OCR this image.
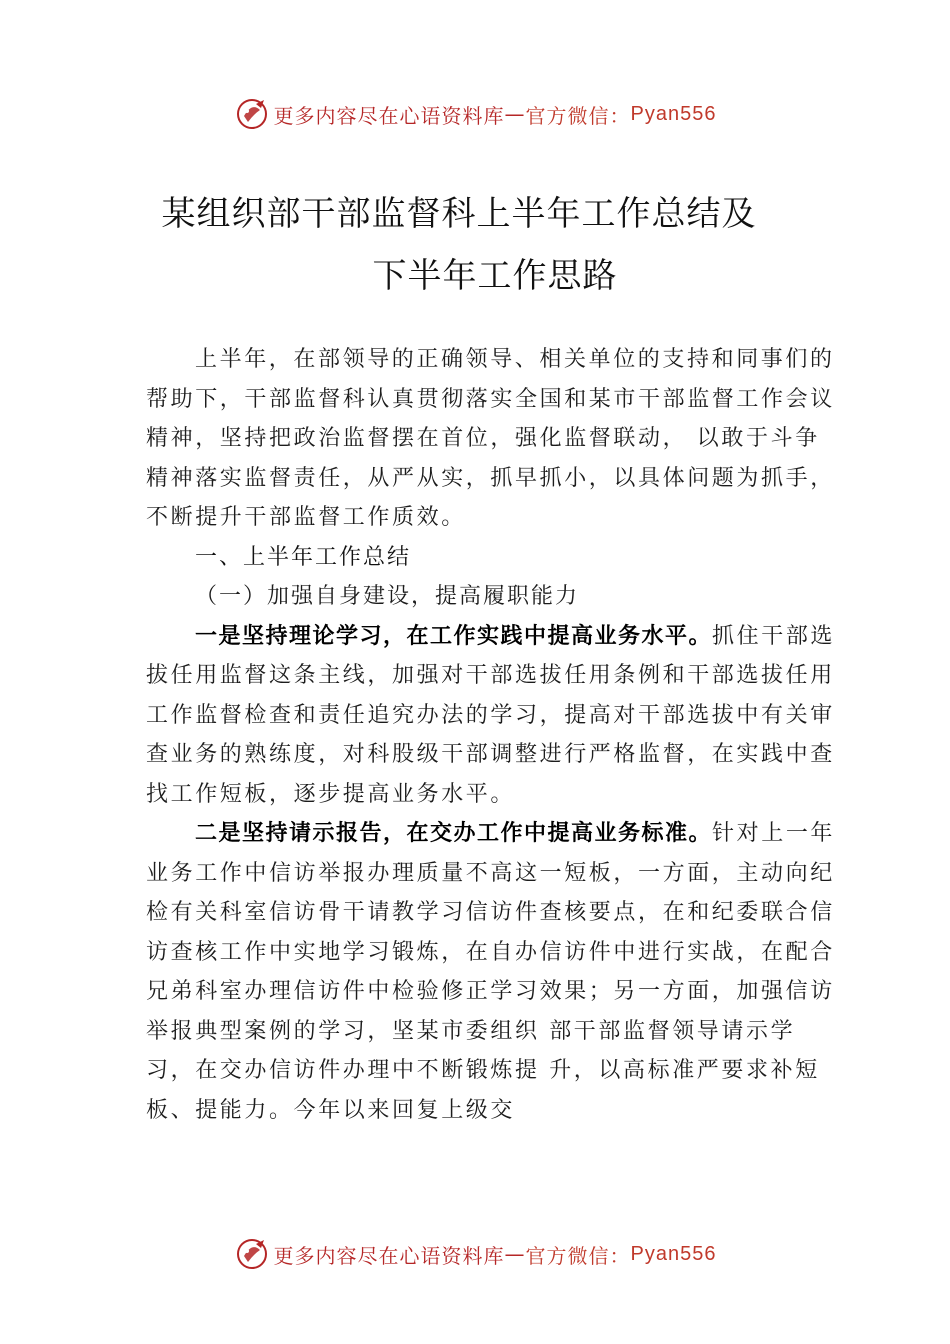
更多内容尽在心语资料库 — 官方微信： Pyan556
某组织部干部监督科上半年工作总结及
下半年工作思路

上半年，在部领导的正确领导、相关单位的支持和同事们的帮助下，干部监督科认真贯彻落实全国和某市干部监督工作会议精神，坚持把政治监督摆在首位，强化监督联动， 以敢于斗争精神落实监督责任，从严从实，抓早抓小，以具体问题为抓手，不断提升干部监督工作质效。

一、上半年工作总结

（一）加强自身建设，提高履职能力

一是坚持理论学习，在工作实践中提高业务水平。抓住干部选拔任用监督这条主线，加强对干部选拔任用条例和干部选拔任用工作监督检查和责任追究办法的学习，提高对干部选拔中有关审查业务的熟练度，对科股级干部调整进行严格监督，在实践中查找工作短板，逐步提高业务水平。

二是坚持请示报告，在交办工作中提高业务标准。针对上一年业务工作中信访举报办理质量不高这一短板，一方面，主动向纪检有关科室信访骨干请教学习信访件查核要点，在和纪委联合信访查核工作中实地学习锻炼，在自办信访件中进行实战，在配合兄弟科室办理信访件中检验修正学习效果；另一方面，加强信访举报典型案例的学习，坚某市委组织 部干部监督领导请示学习，在交办信访件办理中不断锻炼提 升，以高标准严要求补短板、提能力。今年以来回复上级交

更多内容尽在心语资料库 — 官方微信： Pyan556
